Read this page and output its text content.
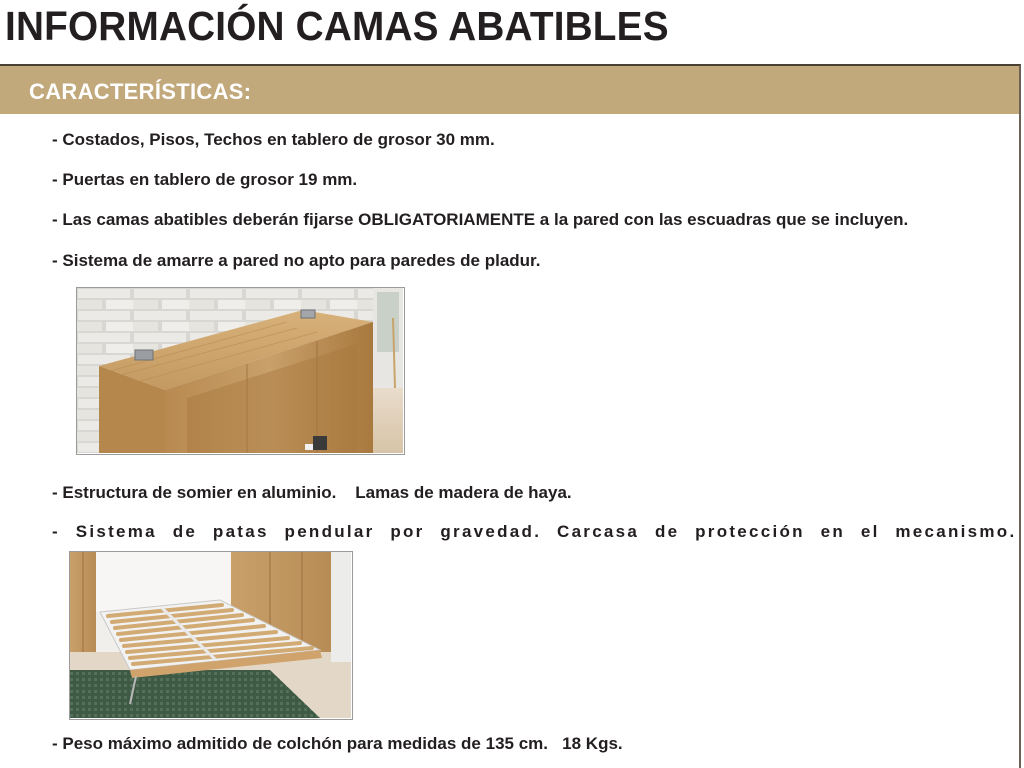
INFORMACIÓN CAMAS ABATIBLES
CARACTERÍSTICAS:
- Costados, Pisos, Techos en tablero de grosor 30 mm.
- Puertas en tablero de grosor 19 mm.
- Las camas abatibles deberán fijarse OBLIGATORIAMENTE a la pared con las escuadras que se incluyen.
- Sistema de amarre a pared no apto para paredes de pladur.
- Estructura de somier en aluminio.    Lamas de madera de haya.
- Sistema de patas pendular por gravedad. Carcasa de protección en el mecanismo.
- Peso máximo admitido de colchón para medidas de 135 cm.   18 Kgs.
